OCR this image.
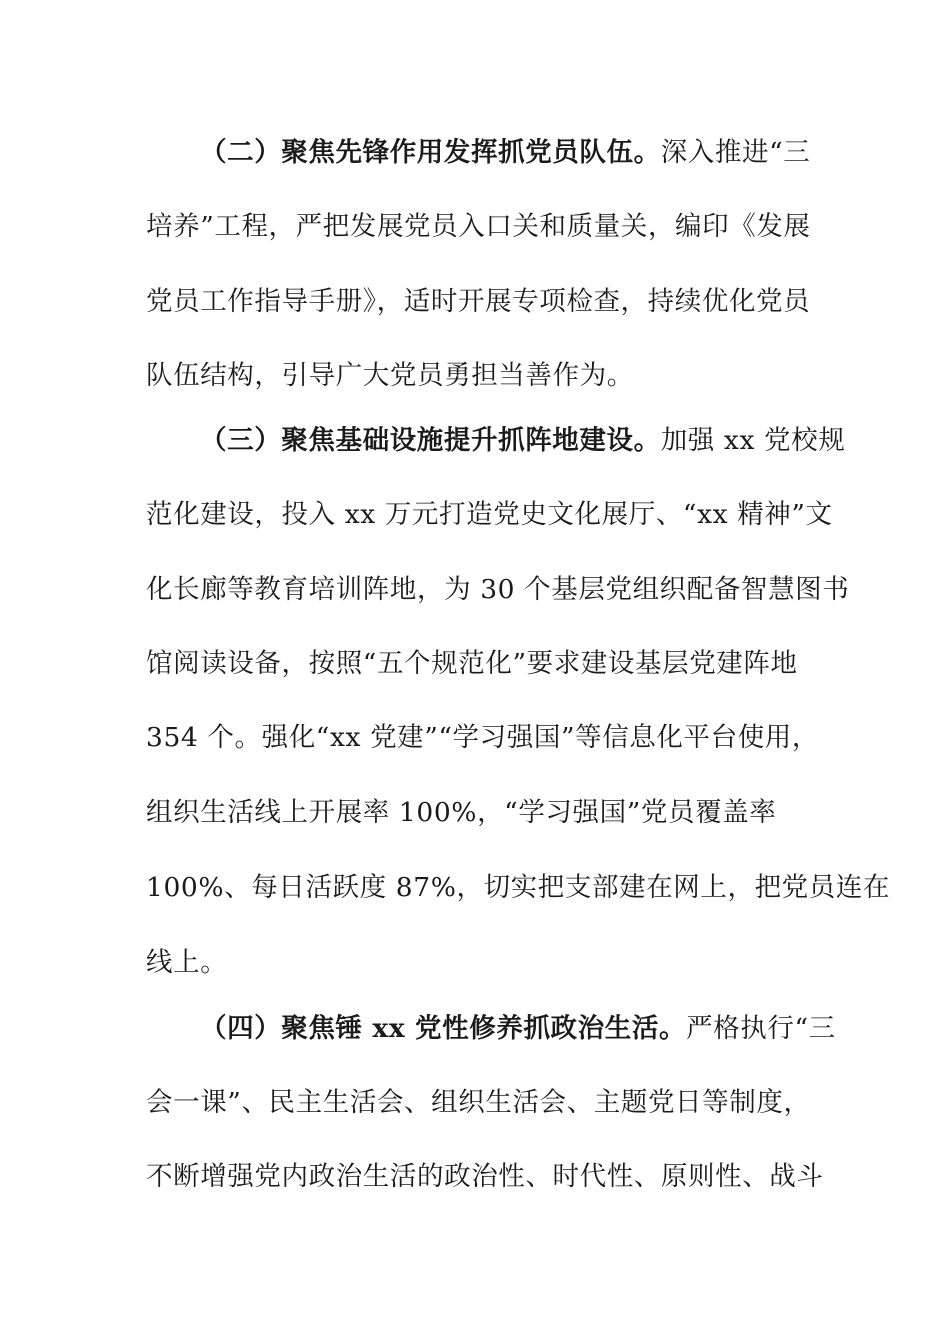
（二）聚焦先锋作用发挥抓党员队伍。深入推进“三
培养”工程，严把发展党员入口关和质量关，编印《发展
党员工作指导手册》，适时开展专项检查，持续优化党员
队伍结构，引导广大党员勇担当善作为。
（三）聚焦基础设施提升抓阵地建设。加强 xx 党校规
范化建设，投入 xx 万元打造党史文化展厅、“xx 精神”文
化长廊等教育培训阵地，为 30 个基层党组织配备智慧图书
馆阅读设备，按照“五个规范化”要求建设基层党建阵地
354 个。强化“xx 党建”“学习强国”等信息化平台使用，
组织生活线上开展率 100%，“学习强国”党员覆盖率
100%、每日活跃度 87%，切实把支部建在网上，把党员连在
线上。
（四）聚焦锤 xx 党性修养抓政治生活。严格执行“三
会一课”、民主生活会、组织生活会、主题党日等制度，
不断增强党内政治生活的政治性、时代性、原则性、战斗
